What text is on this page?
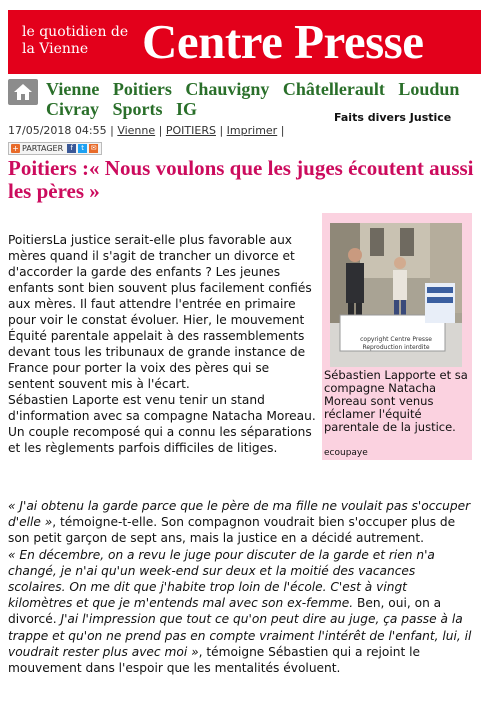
le quotidien de la Vienne	Centre Presse
Vienne Poitiers Chauvigny Châtellerault Loudun Civray Sports IG	Faits divers Justice
17/05/2018 04:55 | Vienne | POITIERS | Imprimer |
+ PARTAGER	f	t ✉
Poitiers :« Nous voulons que les juges écoutent aussi les pères »
copyright Centre Presse
Reproduction interdite
Sébastien Lapporte et sa compagne Natacha Moreau sont venus réclamer l'équité parentale de la justice.
ecoupaye

PoitiersLa justice serait-elle plus favorable aux mères quand il s'agit de trancher un divorce et d'accorder la garde des enfants ? Les jeunes enfants sont bien souvent plus facilement confiés aux mères. Il faut attendre l'entrée en primaire pour voir le constat évoluer. Hier, le mouvement Équité parentale appelait à des rassemblements devant tous les tribunaux de grande instance de France pour porter la voix des pères qui se sentent souvent mis à l'écart.

Sébastien Laporte est venu tenir un stand d'information avec sa compagne Natacha Moreau. Un couple recomposé qui a connu les séparations et les règlements parfois difficiles de litiges.

« J'ai obtenu la garde parce que le père de ma fille ne voulait pas s'occuper d'elle », témoigne-t-elle. Son compagnon voudrait bien s'occuper plus de son petit garçon de sept ans, mais la justice en a décidé autrement.

« En décembre, on a revu le juge pour discuter de la garde et rien n'a changé, je n'ai qu'un week-end sur deux et la moitié des vacances scolaires. On me dit que j'habite trop loin de l'école. C'est à vingt kilomètres et que je m'entends mal avec son ex-femme. Ben, oui, on a divorcé. J'ai l'impression que tout ce qu'on peut dire au juge, ça passe à la trappe et qu'on ne prend pas en compte vraiment l'intérêt de l'enfant, lui, il voudrait rester plus avec moi », témoigne Sébastien qui a rejoint le mouvement dans l'espoir que les mentalités évoluent.
